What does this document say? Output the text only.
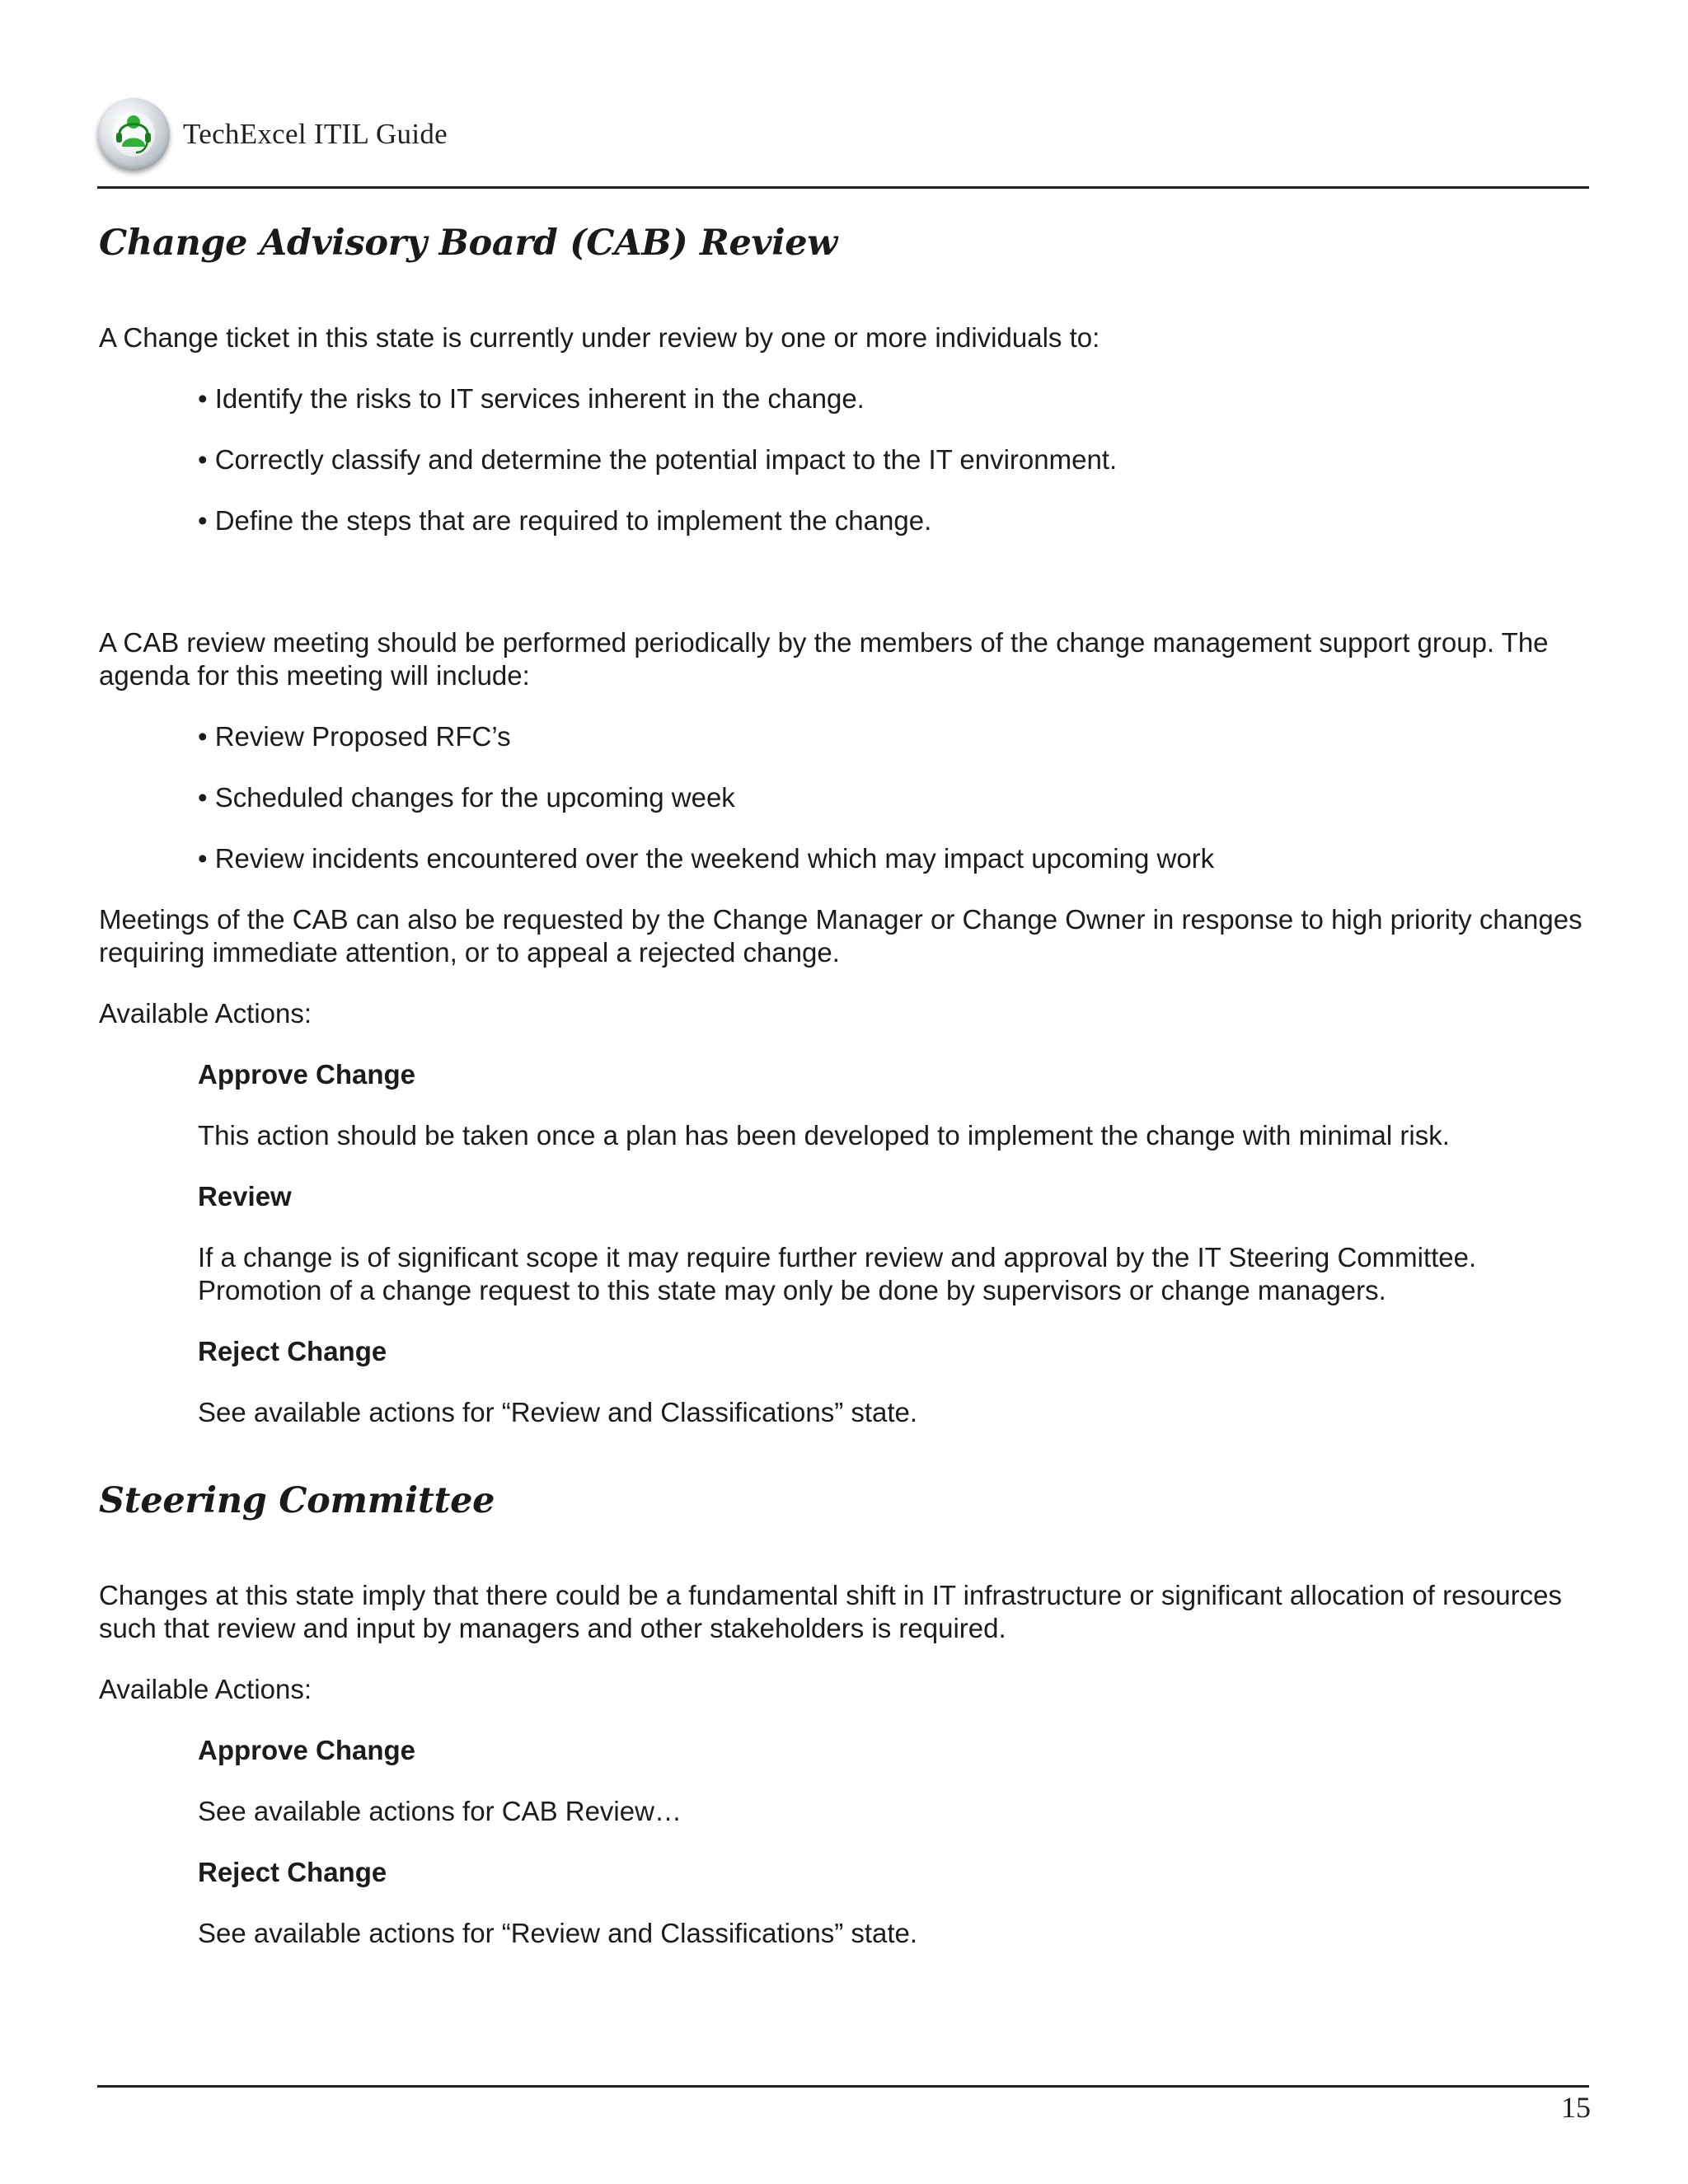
TechExcel ITIL Guide
Change Advisory Board (CAB) Review

A Change ticket in this state is currently under review by one or more individuals to:

• Identify the risks to IT services inherent in the change.

• Correctly classify and determine the potential impact to the IT environment.

• Define the steps that are required to implement the change.

A CAB review meeting should be performed periodically by the members of the change management support group. The agenda for this meeting will include:

• Review Proposed RFC’s

• Scheduled changes for the upcoming week

• Review incidents encountered over the weekend which may impact upcoming work

Meetings of the CAB can also be requested by the Change Manager or Change Owner in response to high priority changes requiring immediate attention, or to appeal a rejected change.

Available Actions:

Approve Change

This action should be taken once a plan has been developed to implement the change with minimal risk.

Review

If a change is of significant scope it may require further review and approval by the IT Steering Committee. Promotion of a change request to this state may only be done by supervisors or change managers.

Reject Change

See available actions for “Review and Classifications” state.

Steering Committee

Changes at this state imply that there could be a fundamental shift in IT infrastructure or significant allocation of resources such that review and input by managers and other stakeholders is required.

Available Actions:

Approve Change

See available actions for CAB Review…

Reject Change

See available actions for “Review and Classifications” state.

15
